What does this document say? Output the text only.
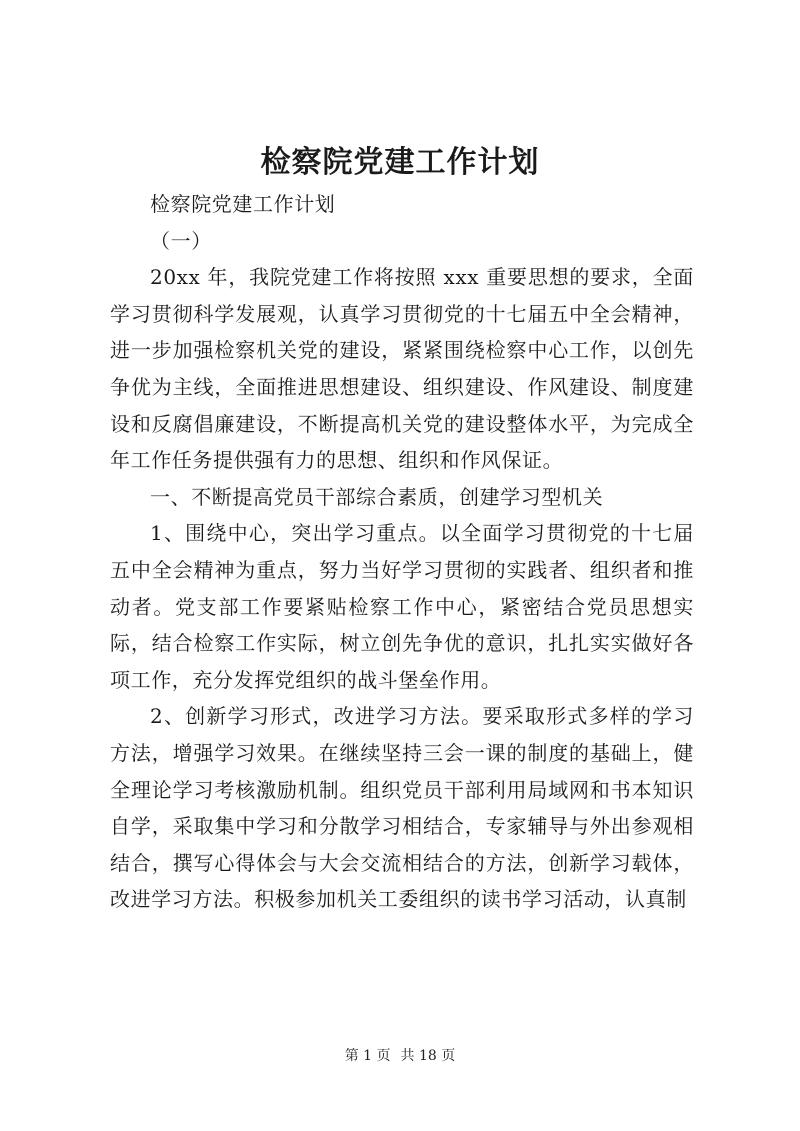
检察院党建工作计划

检察院党建工作计划

（一）

20xx 年，我院党建工作将按照 xxx 重要思想的要求，全面学习贯彻科学发展观，认真学习贯彻党的十七届五中全会精神，进一步加强检察机关党的建设，紧紧围绕检察中心工作，以创先争优为主线，全面推进思想建设、组织建设、作风建设、制度建设和反腐倡廉建设，不断提高机关党的建设整体水平，为完成全年工作任务提供强有力的思想、组织和作风保证。

一、不断提高党员干部综合素质，创建学习型机关

1、围绕中心，突出学习重点。以全面学习贯彻党的十七届五中全会精神为重点，努力当好学习贯彻的实践者、组织者和推动者。党支部工作要紧贴检察工作中心，紧密结合党员思想实际，结合检察工作实际，树立创先争优的意识，扎扎实实做好各项工作，充分发挥党组织的战斗堡垒作用。

2、创新学习形式，改进学习方法。要采取形式多样的学习方法，增强学习效果。在继续坚持三会一课的制度的基础上，健全理论学习考核激励机制。组织党员干部利用局域网和书本知识自学，采取集中学习和分散学习相结合，专家辅导与外出参观相结合，撰写心得体会与大会交流相结合的方法，创新学习载体，改进学习方法。积极参加机关工委组织的读书学习活动，认真制

第 1 页 共 18 页
